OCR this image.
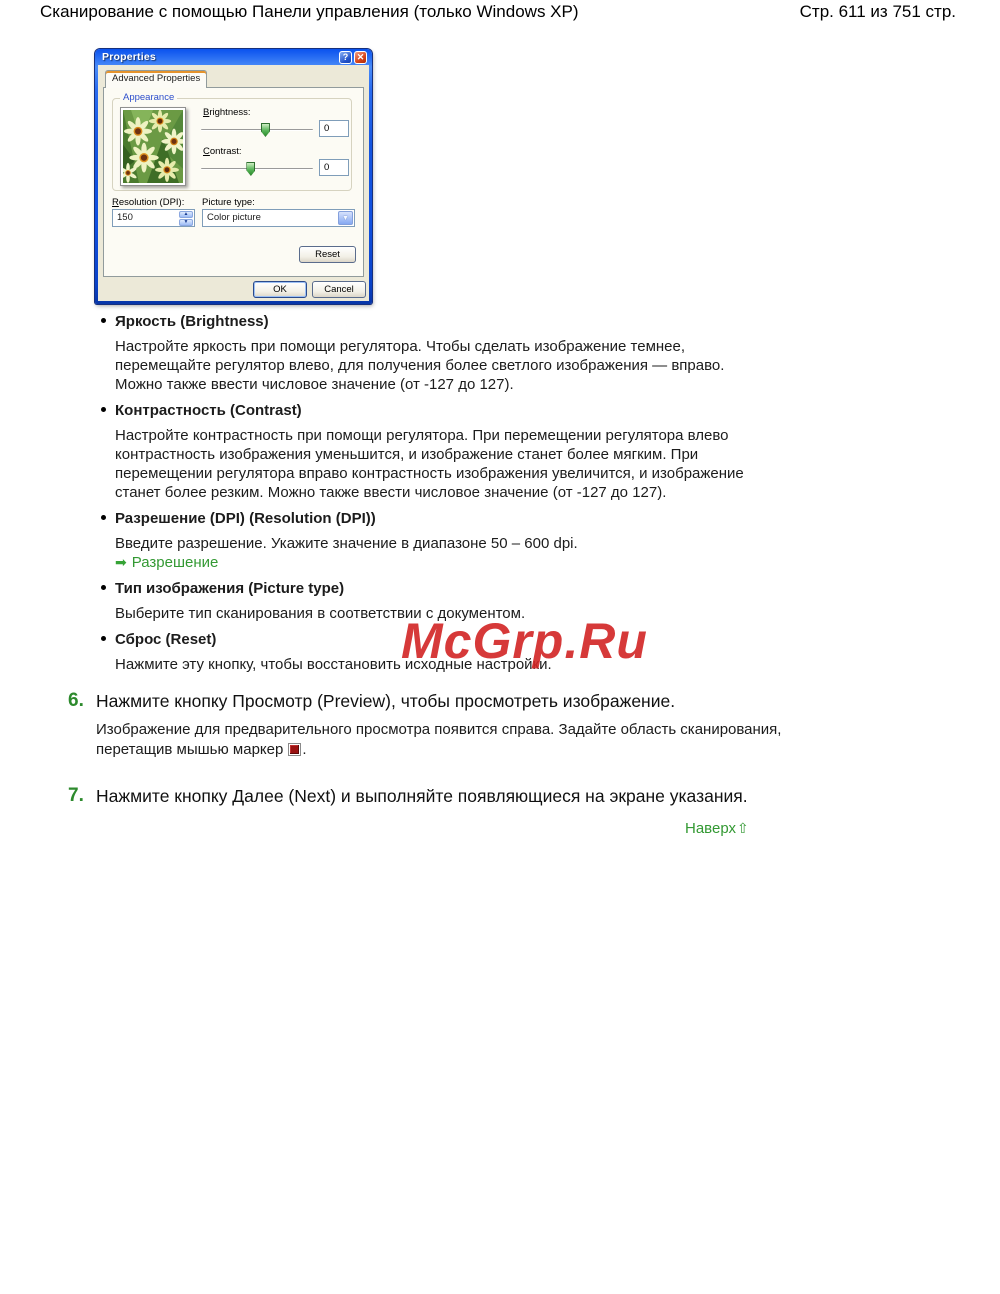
Сканирование с помощью Панели управления (только Windows XP)	Стр. 611 из 751 стр.
Properties	? ✕
Advanced Properties
Appearance
Brightness:
0
Contrast:
0
Resolution (DPI):
150	▲
▼
Picture type:
Color picture	▼
Reset
OK	Cancel
Яркость (Brightness)

Настройте яркость при помощи регулятора. Чтобы сделать изображение темнее, перемещайте регулятор влево, для получения более светлого изображения — вправо. Можно также ввести числовое значение (от -127 до 127).

Контрастность (Contrast)

Настройте контрастность при помощи регулятора. При перемещении регулятора влево контрастность изображения уменьшится, и изображение станет более мягким. При перемещении регулятора вправо контрастность изображения увеличится, и изображение станет более резким. Можно также ввести числовое значение (от -127 до 127).

Разрешение (DPI) (Resolution (DPI))

Введите разрешение. Укажите значение в диапазоне 50 – 600 dpi.

➡ Разрешение
Тип изображения (Picture type)

Выберите тип сканирования в соответствии с документом.

Сброс (Reset)

Нажмите эту кнопку, чтобы восстановить исходные настройки.

McGrp.Ru
6. Нажмите кнопку Просмотр (Preview), чтобы просмотреть изображение.

Изображение для предварительного просмотра появится справа. Задайте область сканирования, перетащив мышью маркер .

7. Нажмите кнопку Далее (Next) и выполняйте появляющиеся на экране указания.
Наверх ⇧
